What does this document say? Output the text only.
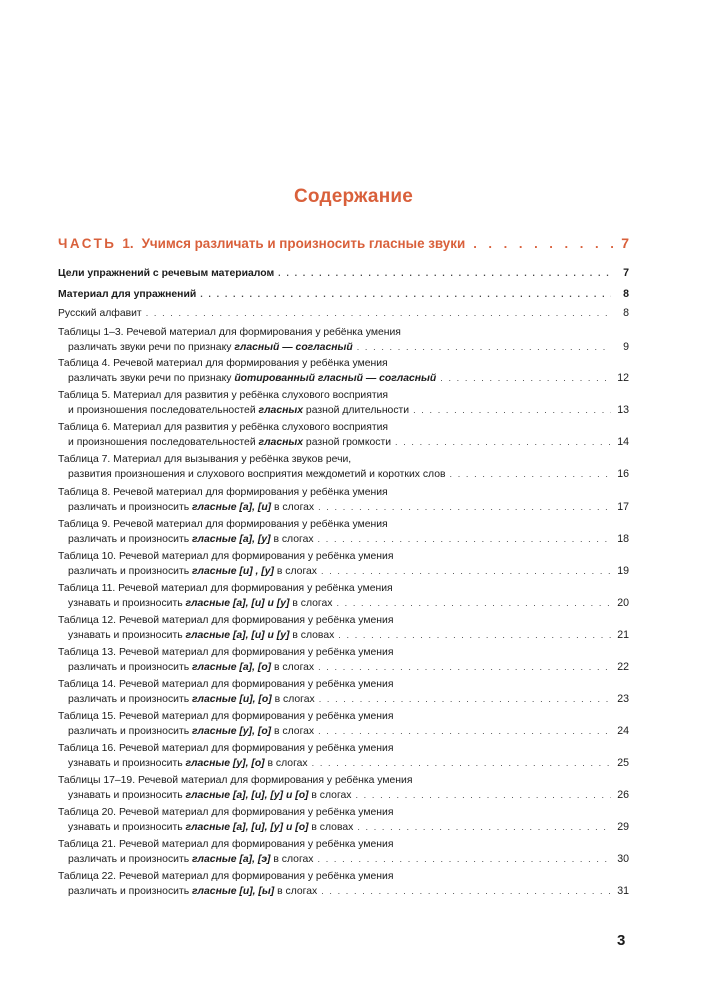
Содержание
ЧАСТЬ 1. Учимся различать и произносить гласные звуки . . .	7
Цели упражнений с речевым материалом . . .	7
Материал для упражнений . . .	8
Русский алфавит . . .	8
Таблицы 1–3. Речевой материал для формирования у ребёнка умения
различать звуки речи по признаку гласный — согласный . . .	9
Таблица 4. Речевой материал для формирования у ребёнка умения
различать звуки речи по признаку йотированный гласный — согласный . . .	12
Таблица 5. Материал для развития у ребёнка слухового восприятия
и произношения последовательностей гласных разной длительности . . .	13
Таблица 6. Материал для развития у ребёнка слухового восприятия
и произношения последовательностей гласных разной громкости . . .	14
Таблица 7. Материал для вызывания у ребёнка звуков речи,
развития произношения и слухового восприятия междометий и коротких слов . . .	16
Таблица 8. Речевой материал для формирования у ребёнка умения
различать и произносить гласные [а], [и] в слогах . . .	17
Таблица 9. Речевой материал для формирования у ребёнка умения
различать и произносить гласные [а], [у] в слогах . . .	18
Таблица 10. Речевой материал для формирования у ребёнка умения
различать и произносить гласные [и] , [у] в слогах . . .	19
Таблица 11. Речевой материал для формирования у ребёнка умения
узнавать и произносить гласные [а], [и] и [у] в слогах . . .	20
Таблица 12. Речевой материал для формирования у ребёнка умения
узнавать и произносить гласные [а], [и] и [у] в словах . . .	21
Таблица 13. Речевой материал для формирования у ребёнка умения
различать и произносить гласные [а], [о] в слогах . . .	22
Таблица 14. Речевой материал для формирования у ребёнка умения
различать и произносить гласные [и], [о] в слогах . . .	23
Таблица 15. Речевой материал для формирования у ребёнка умения
различать и произносить гласные [у], [о] в слогах . . .	24
Таблица 16. Речевой материал для формирования у ребёнка умения
узнавать и произносить гласные [у], [о] в слогах . . .	25
Таблицы 17–19. Речевой материал для формирования у ребёнка умения
узнавать и произносить гласные [а], [и], [у] и [о] в слогах . . .	26
Таблица 20. Речевой материал для формирования у ребёнка умения
узнавать и произносить гласные [а], [и], [у] и [о] в словах . . .	29
Таблица 21. Речевой материал для формирования у ребёнка умения
различать и произносить гласные [а], [э] в слогах . . .	30
Таблица 22. Речевой материал для формирования у ребёнка умения
различать и произносить гласные [и], [ы] в слогах . . .	31
3
